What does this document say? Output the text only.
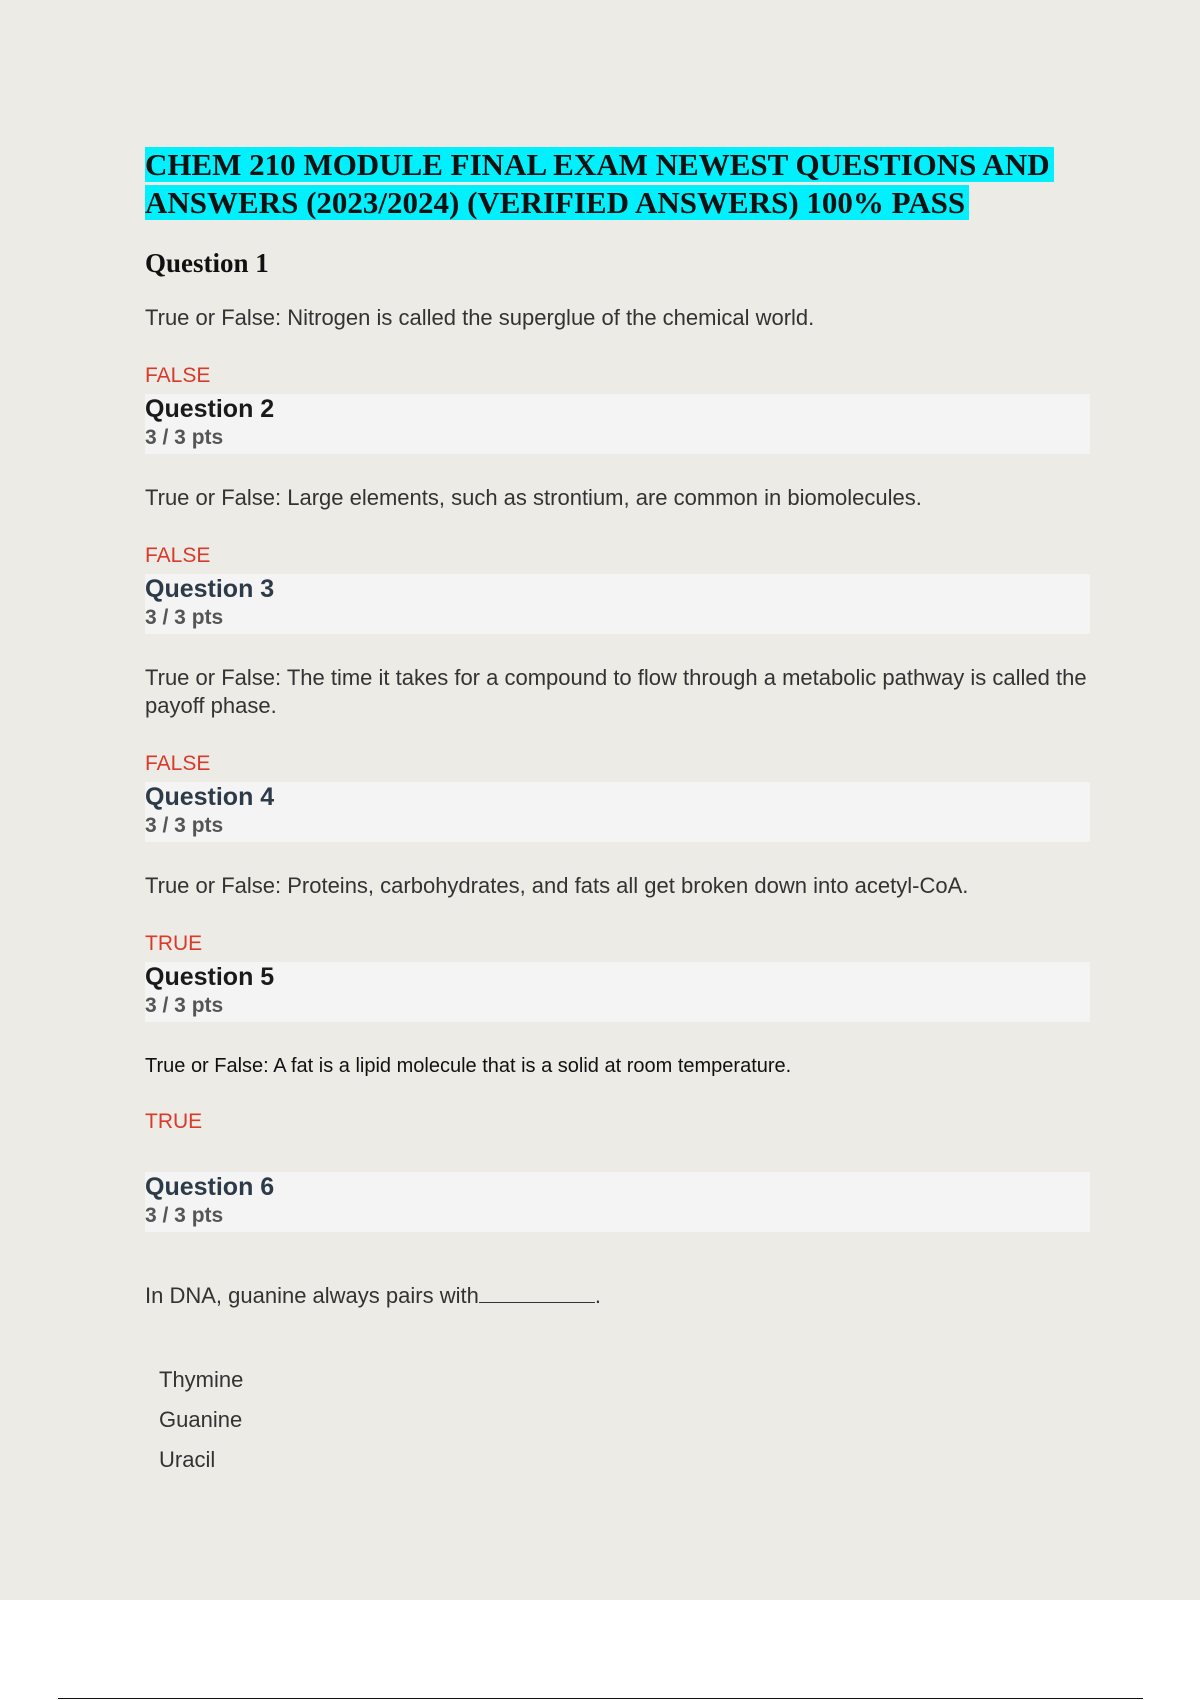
CHEM 210 MODULE FINAL EXAM NEWEST QUESTIONS AND ANSWERS (2023/2024) (VERIFIED ANSWERS) 100% PASS
Question 1
True or False: Nitrogen is called the superglue of the chemical world.
FALSE
Question 2
3 / 3 pts
True or False: Large elements, such as strontium, are common in biomolecules.
FALSE
Question 3
3 / 3 pts
True or False: The time it takes for a compound to flow through a metabolic pathway is called the payoff phase.
FALSE
Question 4
3 / 3 pts
True or False: Proteins, carbohydrates, and fats all get broken down into acetyl-CoA.
TRUE
Question 5
3 / 3 pts
True or False: A fat is a lipid molecule that is a solid at room temperature.
TRUE
Question 6
3 / 3 pts
In DNA, guanine always pairs with	.
Thymine
Guanine
Uracil
